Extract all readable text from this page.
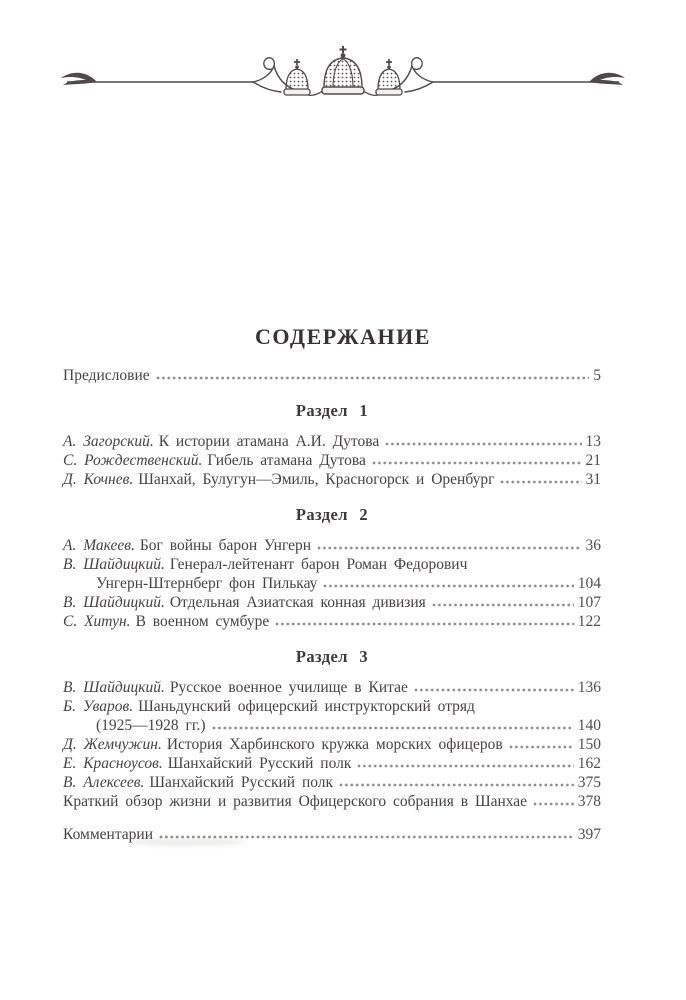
СОДЕРЖАНИЕ
Предисловие	5
Раздел 1
А. Загорский. К истории атамана А.И. Дутова	13
С. Рождественский. Гибель атамана Дутова	21
Д. Кочнев. Шанхай, Булугун—Эмиль, Красногорск и Оренбург	31
Раздел 2
А. Макеев. Бог войны барон Унгерн	36
В. Шайдицкий. Генерал-лейтенант барон Роман Федорович
Унгерн-Штернберг фон Пилькау	104
В. Шайдицкий. Отдельная Азиатская конная дивизия	107
С. Хитун. В военном сумбуре	122
Раздел 3
В. Шайдицкий. Русское военное училище в Китае	136
Б. Уваров. Шаньдунский офицерский инструкторский отряд
(1925—1928 гг.)	140
Д. Жемчужин. История Харбинского кружка морских офицеров	150
Е. Красноусов. Шанхайский Русский полк	162
В. Алексеев. Шанхайский Русский полк	375
Краткий обзор жизни и развития Офицерского собрания в Шанхае	378
Комментарии	397
